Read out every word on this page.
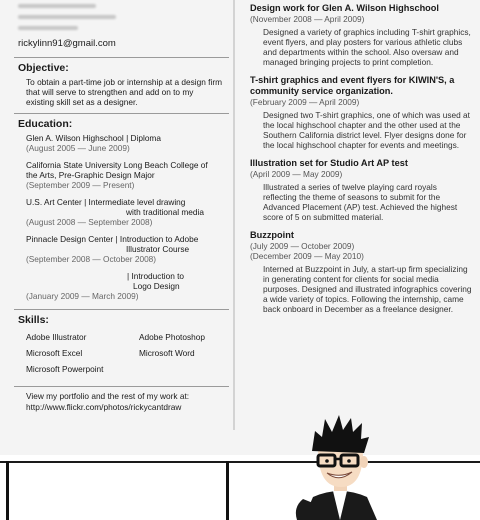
rickylinn91@gmail.com
Objective:
To obtain a part-time job or internship at a design firm that will serve to strengthen and add on to my existing skill set as a designer.
Education:
Glen A. Wilson Highschool | Diploma
(August 2005 — June 2009)
California State University Long Beach College of the Arts, Pre-Graphic Design Major
(September 2009 — Present)
U.S. Art Center | Intermediate level drawing
with traditional media
(August 2008 — September 2008)
Pinnacle Design Center | Introduction to Adobe
Illustrator Course
(September 2008 — October 2008)
| Introduction to
Logo Design
(January 2009 — March 2009)
Skills:
Adobe Illustrator	Adobe Photoshop
Microsoft Excel	Microsoft Word
Microsoft Powerpoint
View my portfolio and the rest of my work at:
http://www.flickr.com/photos/rickycantdraw
Design work for Glen A. Wilson Highschool
(November 2008 — April 2009)
Designed a variety of graphics including T-shirt graphics, event flyers, and play posters for various athletic clubs and departments within the school. Also oversaw and managed bringing projects to print completion.
T-shirt graphics and event flyers for KIWIN'S, a community service organization.
(February 2009 — April 2009)
Designed two T-shirt graphics, one of which was used at the local highschool chapter and the other used at the Southern California district level. Flyer designs done for the local highschool chapter for events and meetings.
Illustration set for Studio Art AP test
(April 2009 — May 2009)
Illustrated a series of twelve playing card royals reflecting the theme of seasons to submit for the Advanced Placement (AP) test. Achieved the highest score of 5 on submitted material.
Buzzpoint
(July 2009 — October 2009)
(December 2009 — May 2010)
Interned at Buzzpoint in July, a start-up firm specializing in generating content for clients for social media purposes. Designed and illustrated infographics covering a wide variety of topics. Following the internship, came back onboard in December as a freelance designer.
